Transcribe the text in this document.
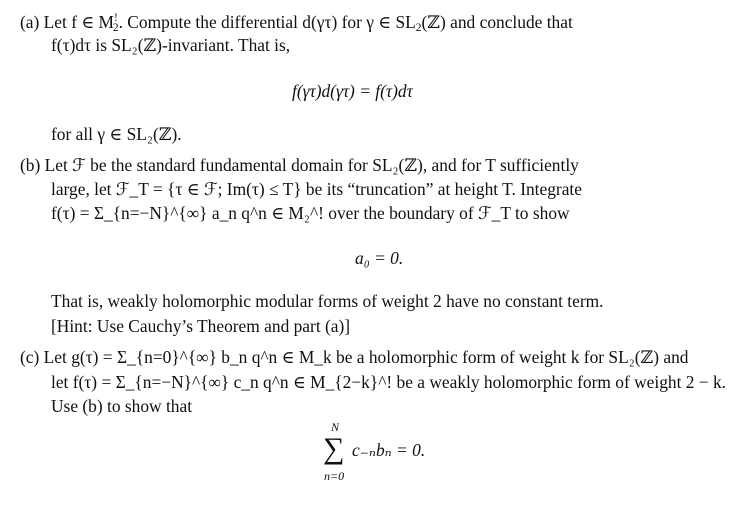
(a) Let f ∈ $M^!_2$. Compute the differential d(γτ) for γ ∈ $SL_2(ℤ)$ and conclude that
f(τ)dτ is SL₂(ℤ)-invariant. That is,
f(γτ)d(γτ) = f(τ)dτ
for all γ ∈ SL₂(ℤ).
(b) Let ℱ be the standard fundamental domain for SL₂(ℤ), and for T sufficiently
large, let ℱ_T = {τ ∈ ℱ; Im(τ) ≤ T} be its “truncation” at height T. Integrate
f(τ) = Σ_{n=−N}^{∞} a_n q^n ∈ M₂^! over the boundary of ℱ_T to show
a₀ = 0.
That is, weakly holomorphic modular forms of weight 2 have no constant term.
[Hint: Use Cauchy’s Theorem and part (a)]
(c) Let g(τ) = Σ_{n=0}^{∞} b_n q^n ∈ M_k be a holomorphic form of weight k for SL₂(ℤ) and
let f(τ) = Σ_{n=−N}^{∞} c_n q^n ∈ M_{2−k}^! be a weakly holomorphic form of weight 2 − k.
Use (b) to show that
N
∑
n=0
c₋ₙbₙ = 0.
